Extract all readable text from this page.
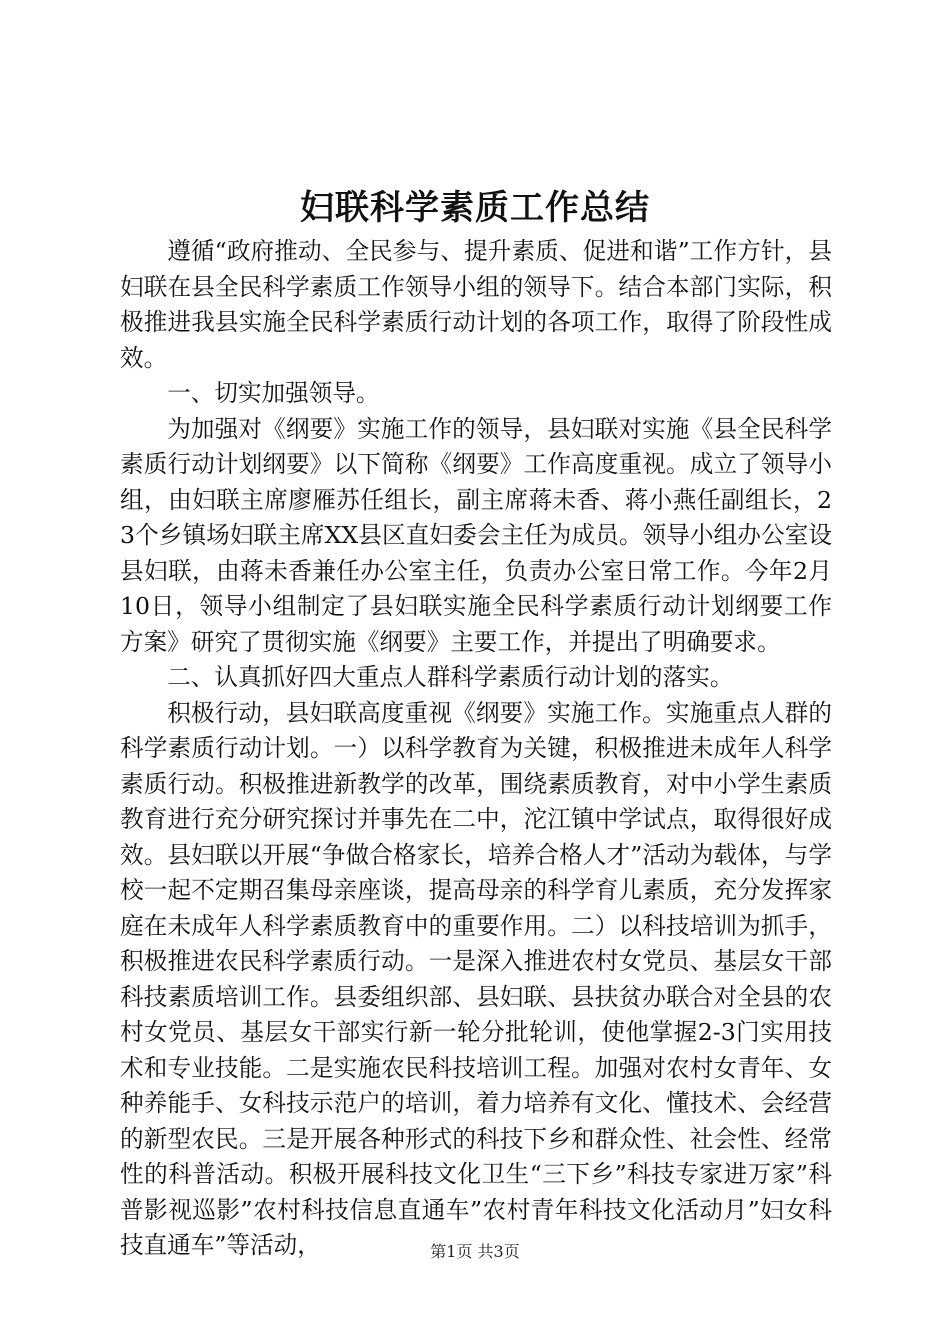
妇联科学素质工作总结

遵循“政府推动、全民参与、提升素质、促进和谐”工作方针，县妇联在县全民科学素质工作领导小组的领导下。结合本部门实际，积极推进我县实施全民科学素质行动计划的各项工作，取得了阶段性成效。

一、切实加强领导。

为加强对《纲要》实施工作的领导，县妇联对实施《县全民科学素质行动计划纲要》以下简称《纲要》工作高度重视。成立了领导小组，由妇联主席廖雁苏任组长，副主席蒋未香、蒋小燕任副组长，23个乡镇场妇联主席XX县区直妇委会主任为成员。领导小组办公室设县妇联，由蒋未香兼任办公室主任，负责办公室日常工作。今年2月10日，领导小组制定了县妇联实施全民科学素质行动计划纲要工作方案》研究了贯彻实施《纲要》主要工作，并提出了明确要求。

二、认真抓好四大重点人群科学素质行动计划的落实。

积极行动，县妇联高度重视《纲要》实施工作。实施重点人群的科学素质行动计划。一）以科学教育为关键，积极推进未成年人科学素质行动。积极推进新教学的改革，围绕素质教育，对中小学生素质教育进行充分研究探讨并事先在二中，沱江镇中学试点，取得很好成效。县妇联以开展“争做合格家长，培养合格人才”活动为载体，与学校一起不定期召集母亲座谈，提高母亲的科学育儿素质，充分发挥家庭在未成年人科学素质教育中的重要作用。二）以科技培训为抓手，积极推进农民科学素质行动。一是深入推进农村女党员、基层女干部科技素质培训工作。县委组织部、县妇联、县扶贫办联合对全县的农村女党员、基层女干部实行新一轮分批轮训，使他掌握2-3门实用技术和专业技能。二是实施农民科技培训工程。加强对农村女青年、女种养能手、女科技示范户的培训，着力培养有文化、懂技术、会经营的新型农民。三是开展各种形式的科技下乡和群众性、社会性、经常性的科普活动。积极开展科技文化卫生“三下乡”科技专家进万家”科普影视巡影”农村科技信息直通车”农村青年科技文化活动月”妇女科技直通车”等活动，	第1页 共3页
